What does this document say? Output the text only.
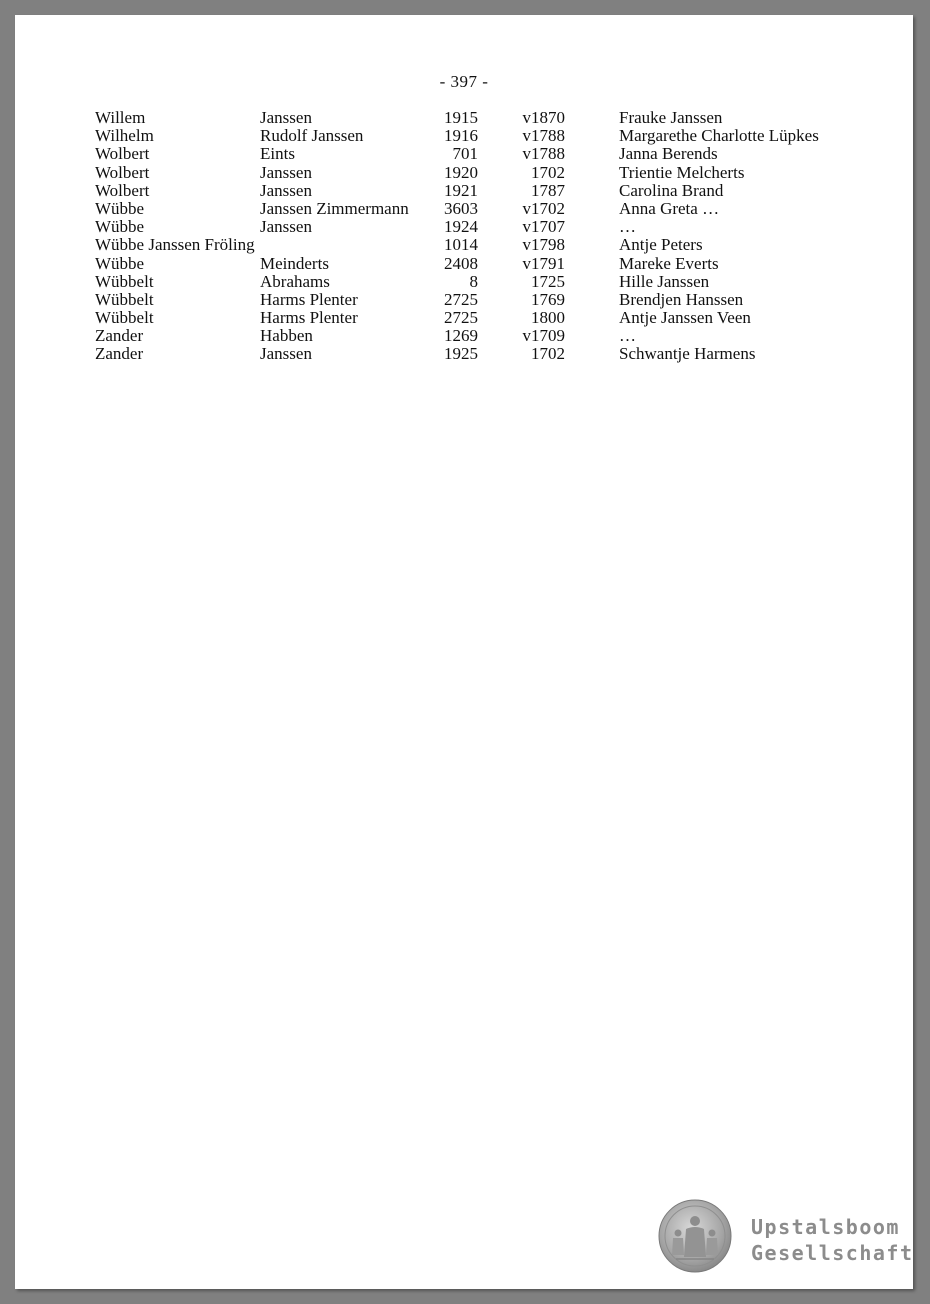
- 397 -
Willem	Janssen	1915	v1870	Frauke Janssen
Wilhelm	Rudolf Janssen	1916	v1788	Margarethe Charlotte Lüpkes
Wolbert	Eints	701	v1788	Janna Berends
Wolbert	Janssen	1920	1702	Trientie Melcherts
Wolbert	Janssen	1921	1787	Carolina Brand
Wübbe	Janssen Zimmermann	3603	v1702	Anna Greta …
Wübbe	Janssen	1924	v1707	…
Wübbe Janssen Fröling	1014	v1798	Antje Peters
Wübbe	Meinderts	2408	v1791	Mareke Everts
Wübbelt	Abrahams	8	1725	Hille Janssen
Wübbelt	Harms Plenter	2725	1769	Brendjen Hanssen
Wübbelt	Harms Plenter	2725	1800	Antje Janssen Veen
Zander	Habben	1269	v1709	…
Zander	Janssen	1925	1702	Schwantje Harmens
Upstalsboom
Gesellschaft
